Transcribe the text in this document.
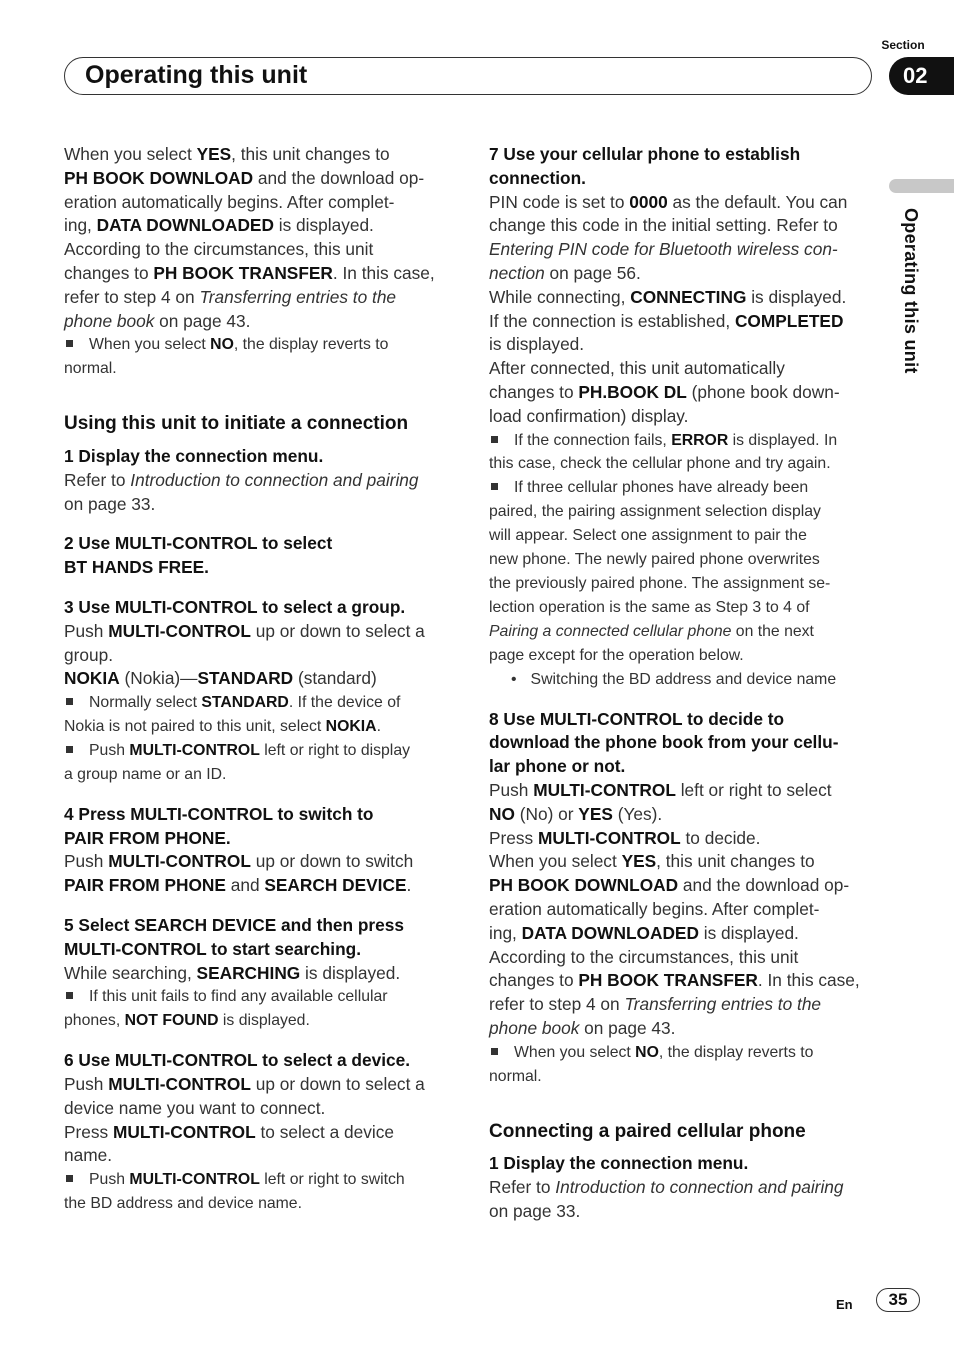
Section
Operating this unit	02
Operating this unit

When you select YES, this unit changes to
PH BOOK DOWNLOAD and the download op-
eration automatically begins. After complet-
ing, DATA DOWNLOADED is displayed.
According to the circumstances, this unit
changes to PH BOOK TRANSFER. In this case,
refer to step 4 on Transferring entries to the
phone book on page 43.

When you select NO, the display reverts to
normal.

Using this unit to initiate a connection

1 Display the connection menu.

Refer to Introduction to connection and pairing
on page 33.

2 Use MULTI-CONTROL to select
BT HANDS FREE.

3 Use MULTI-CONTROL to select a group.

Push MULTI-CONTROL up or down to select a
group.
NOKIA (Nokia)—STANDARD (standard)

Normally select STANDARD. If the device of
Nokia is not paired to this unit, select NOKIA.

Push MULTI-CONTROL left or right to display
a group name or an ID.

4 Press MULTI-CONTROL to switch to
PAIR FROM PHONE.

Push MULTI-CONTROL up or down to switch
PAIR FROM PHONE and SEARCH DEVICE.

5 Select SEARCH DEVICE and then press
MULTI-CONTROL to start searching.

While searching, SEARCHING is displayed.

If this unit fails to find any available cellular
phones, NOT FOUND is displayed.

6 Use MULTI-CONTROL to select a device.

Push MULTI-CONTROL up or down to select a
device name you want to connect.
Press MULTI-CONTROL to select a device
name.

Push MULTI-CONTROL left or right to switch
the BD address and device name.

7 Use your cellular phone to establish
connection.

PIN code is set to 0000 as the default. You can
change this code in the initial setting. Refer to
Entering PIN code for Bluetooth wireless con-
nection on page 56.
While connecting, CONNECTING is displayed.
If the connection is established, COMPLETED
is displayed.
After connected, this unit automatically
changes to PH.BOOK DL (phone book down-
load confirmation) display.

If the connection fails, ERROR is displayed. In
this case, check the cellular phone and try again.

If three cellular phones have already been
paired, the pairing assignment selection display
will appear. Select one assignment to pair the
new phone. The newly paired phone overwrites
the previously paired phone. The assignment se-
lection operation is the same as Step 3 to 4 of
Pairing a connected cellular phone on the next
page except for the operation below.

• Switching the BD address and device name

8 Use MULTI-CONTROL to decide to
download the phone book from your cellu-
lar phone or not.

Push MULTI-CONTROL left or right to select
NO (No) or YES (Yes).
Press MULTI-CONTROL to decide.
When you select YES, this unit changes to
PH BOOK DOWNLOAD and the download op-
eration automatically begins. After complet-
ing, DATA DOWNLOADED is displayed.
According to the circumstances, this unit
changes to PH BOOK TRANSFER. In this case,
refer to step 4 on Transferring entries to the
phone book on page 43.

When you select NO, the display reverts to
normal.

Connecting a paired cellular phone

1 Display the connection menu.

Refer to Introduction to connection and pairing
on page 33.

En	35
